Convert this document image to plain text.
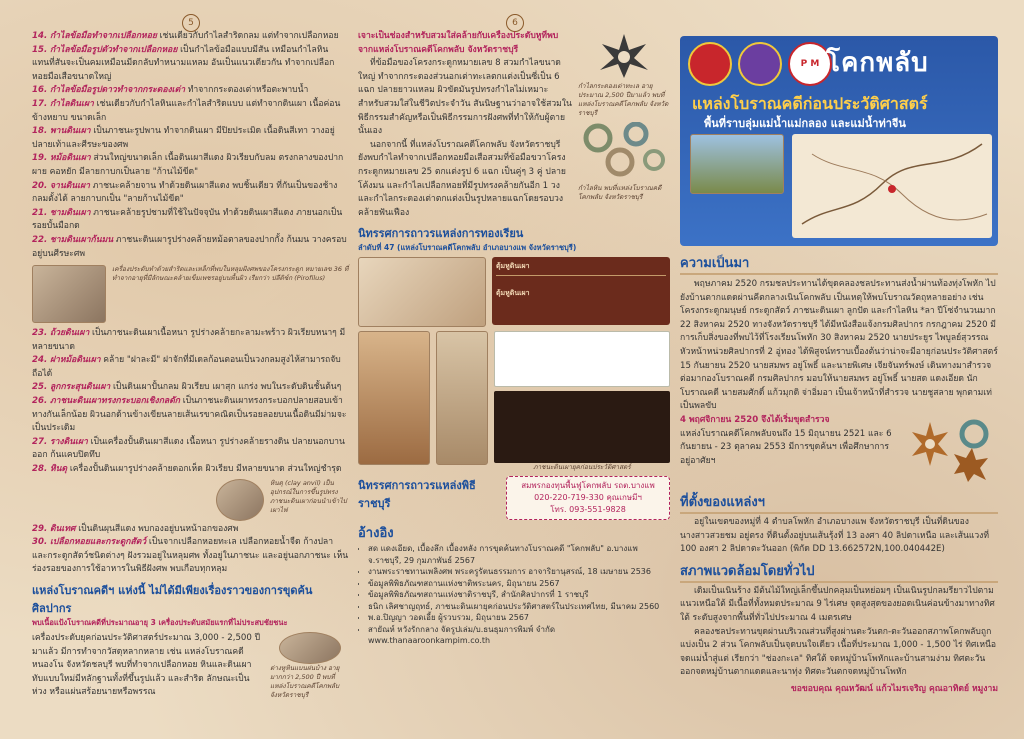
5

14. กำไลข้อมือทำจากเปลือกหอย เช่นเดียวกับกำไลสำริดกลม แต่ทำจากเปลือกหอย

15. กำไลข้อมือรูปตัวทำจากเปลือกหอย เป็นกำไลข้อมือแบบมีสัน เหมือนกำไลหิน แทนที่สันจะเป็นคมเหมือนมีดกลับทำหนามแหลม อันเป็นแนวเดียวกัน ทำจากเปลือกหอยมือเสือขนาดใหญ่

16. กำไลข้อมือรูปดาวทำจากกระดองเต่า ทำจากกระดองเต่าหรือตะพาบน้ำ

17. กำไลดินเผา เช่นเดียวกับกำไลหินและกำไลสำริดแบบ แต่ทำจากดินเผา เนื้อค่อนข้างหยาบ ขนาดเล็ก

18. พานดินเผา เป็นภาชนะรูปพาน ทำจากดินเผา มีปิยประเมิด เนื้อดินสีเทา วางอยู่ปลายเท้าและศีรษะของศพ

19. หม้อดินเผา ส่วนใหญ่ขนาดเล็ก เนื้อดินเผาสีแดง ผิวเรียบกับลม ตรงกลางของปากผาย คอหยัก มีลายกาบกเป็นลาย "ก้านไม้ขีด"

20. จานดินเผา ภาชนะคล้ายจาน ทำด้วยดินเผาสีแดง พบชิ้นเดียว ที่กันเป็นของช้างกลมตั้งได้ ลายกาบกเป็น "ลายก้านไม้ขีด"

21. ชามดินเผา ภาชนะคล้ายรูปชามที่ใช้ในปัจจุบัน ทำด้วยดินเผาสีแดง ภายนอกเป็นรอยบั้นมือกด

22. ชามดินเผาก้นมน ภาชนะดินเผารูปร่างคล้ายหม้อตาลของปากกั้ง ก้นมน วางครอบอยู่บนศีรษะศพ

เครื่องประดับทำด้วยสำริดและเหล็กที่พบในหลุมฝังศพของโครงกระดูก หมายเลข 36 ที่ทำจากอายุที่มีลักษณะคล้ายเข็มเพชรอยู่บนพื้นผิว เรียกว่า ปลีดิซ์ก (Pirofilus)

23. ถ้วยดินเผา เป็นภาชนะดินเผาเนื้อหนา รูปร่างคล้ายกะลามะพร้าว ผิวเรียบหนาๆ มีหลายขนาด

24. ฝาหม้อดินเผา คล้าย "ฝาละมี" ฝาจักที่มีเดลก้อนตอนเป็นวงกลมสูงไห้สามารถจับถือได้

25. ลูกกระสุนดินเผา เป็นดินเผาปั้นกลม ผิวเรียบ เผาสุก แกร่ง พบในระดับดินชั้นต้นๆ

26. ภาชนะดินเผาทรงกระบอกเชิงกลดัก เป็นภาชนะดินเผาทรงกระบอกปลายสอบเข้าทางกันเล็กน้อย ผิวนอกด้านข้างเขียนลายเส้นเรขาคณิตเป็นรอยลอยบนเนื้อดินมีม่ามจะเป็นประเดิม

27. รางดินเผา เป็นเครื่องปั้นดินเผาสีแดง เนื้อหนา รูปร่างคล้ายรางดิน ปลายนอกบานออก ก้นแคบปิดทึบ

28. หินดุ เครื่องปั้นดินเผารูปร่างคล้ายดอกเห็ด ผิวเรียบ มีหลายขนาด ส่วนใหญ่ชำรุด

หินดุ (clay anvil) เป็นอุปกรณ์ในการขึ้นรูปทรงภาชนะดินเผาก่อนนำเข้าไปเผาไฟ

29. ดินเทศ เป็นดินผุนสีแดง พบกองอยู่บนหน้าอกของศพ

30. เปลือกหอยและกระดูกสัตว์ เป็นจากเปลือกหอยทะเล เปลือกหอยน้ำจืด ก้างปลา และกระดูกสัตว์ชนิดต่างๆ ฝังรวมอยู่ในหลุมศพ ทั้งอยู่ในภาชนะ และอยู่นอกภาชนะ เห็นร่องรอยของการใช้อาหารในพิธีฝังศพ พบเกือบทุกหลุม

แหล่งโบราณคดีฯ แห่งนี้ ไม่ได้มีเพียงเรื่องราวของการขุดค้นศิลปากร
พบเนื้อแป้งโบราณคดีที่ประมาณอายุ 3 เครื่องประดับสมัยแรกที่ไม่ประสบชัยชนะ

เครื่องประดับยุคก่อนประวัติศาสตร์ประมาณ 3,000 - 2,500 ปีมาแล้ว มีการทำจากวัสดุหลากหลาย เช่น แหล่งโบราณคดีหนองโน จังหวัดชลบุรี พบที่ทำจากเปลือกหอย หินและดินเผา ทับแบบใหม่มีหลักฐานทั้งที่ขึ้นรูปแล้ว และสำริด ลักษณะเป็นห่วง หรือแผ่นสร้อยนายหรือพรรณ

ต่างหูหินแบนฝนบ้าง อายุมากกว่า 2,500 ปี พบที่แหล่งโบราณคดีโคกพลับ จังหวัดราชบุรี

6

เจาะเป็นช่องสำหรับสวมใส่คล้ายกับเครื่องประดับหูที่พบจากแหล่งโบราณคดีโคกพลับ จังหวัดราชบุรี

ที่ข้อมือของโครงกระดูกหมายเลข 8 สวมกำไลขนาดใหญ่ ทำจากกระดองส่วนอกเต่าทะเลตกแต่งเป็นซี่เป็น 6 แฉก ปลายยาวแหลม ผิวขัดมันรูปทรงกำไลไม่เหมาะสำหรับสวมใส่ในชีวิตประจำวัน สันนิษฐานว่าอาจใช้สวมในพิธีกรรมสำคัญหรือเป็นพิธีกรรมการฝังศพที่ทำให้กับผู้ตายนั้นเอง

นอกจากนี้ ที่แหล่งโบราณคดีโคกพลับ จังหวัดราชบุรี ยังพบกำไลทำจากเปลือกหอยมือเสือสวมที่ข้อมือขวาโครงกระดูกหมายเลข 25 ตกแต่งรูป 6 แฉก เป็นคู่ๆ 3 คู่ ปลายโค้งมน และกำไลเปลือกหอยที่มีรูปทรงคล้ายกันอีก 1 วง และกำไลกระดองเต่าตกแต่งเป็นรูปหลายแฉกโดยรอบวง คล้ายฟันเฟือง

กำไลกระดองเต่าทะเล อายุประมาณ 2,500 ปีมาแล้ว พบที่แหล่งโบราณคดีโคกพลับ จังหวัดราชบุรี

กำไลหิน พบที่แหล่งโบราณคดีโคกพลับ จังหวัดราชบุรี

นิทรรศการถาวรแหล่งการทองเรียน
ลำดับที่ 47 (แหล่งโบราณคดีโคกพลับ อำเภอบางแพ จังหวัดราชบุรี)
ตุ้มหูดินเผา
ตุ้มหูดินเผา

ภาชนะดินเผายุคก่อนประวัติศาสตร์

นิทรรศการถาวรแหล่งพิธีราชบุรี
สมพรกองทุนพื้นฟูโคกพลับ รถต.บางแพ
020-220-719-330 คุณเกษมีฯ
โทร. 093-551-9828
อ้างอิง
• สด แดงเอียด, เบื้องลึก เบื้องหลัง การขุดค้นทางโบราณคดี "โคกพลับ" อ.บางแพ จ.ราชบุรี, 29 กุมภาพันธ์ 2567
• งานพระราชทานเพลิงศพ พระครูรัตนธรรมการ อาจาริยานุสรณ์, 18 เมษายน 2536
• ข้อมูลพิพิธภัณฑสถานแห่งชาติพระนคร, มิถุนายน 2567
• ข้อมูลพิพิธภัณฑสถานแห่งชาติราชบุรี, สำนักศิลปากรที่ 1 ราชบุรี
• ธนิก เลิศชาญฤทธ์, ภาชนะดินเผายุคก่อนประวัติศาสตร์ในประเทศไทย, มีนาคม 2560
• พ.อ.ปิญญา วอดเอี้ย ผู้รวบรวม, มิถุนายน 2567
• สายัณห์ หวังรักกลาง จัดรูปเล่ม/บ.ธนธุมการพิมพ์ จำกัด www.thanaaroonkampim.co.th
P M โคกพลับ
แหล่งโบราณคดีก่อนประวัติศาสตร์
พื้นที่ราบลุ่มแม่น้ำแม่กลอง และแม่น้ำท่าจีน
ความเป็นมา

พฤษภาคม 2520 กรมชลประทานได้ขุดคลองชลประทานส่งน้ำผ่านท้องทุ่งโพหัก ไปยังบ้านตากแดดผ่านคีตกลางเนินโคกพลับ เป็นเหตุให้พบโบราณวัตถุหลายอย่าง เช่น โครงกระดูกมนุษย์ กระดูกสัตว์ ภาชนะดินเผา ลูกปัด และกำไลหิน *ลา ปีโซ่จำนวนมาก 22 สิงหาคม 2520 ทางจังหวัดราชบุรี ได้มีหนังสือแจ้งกรมศิลปากร กรกฎาคม 2520 มีการเก็บสิ่งของที่พบไว้ที่โรงเรียนโพหัก 30 สิงหาคม 2520 นายประยูร ไพบูลย์สุวรรณ หัวหน้าหน่วยศิลปากรที่ 2 อู่ทอง ได้พิสูจน์ทราบเบื้องต้นว่าน่าจะมีอายุก่อนประวัติศาสตร์ 15 กันยายน 2520 นายสมพร อยู่โพธิ์ และนายพิเศษ เจียจันทร์พงษ์ เดินทางมาสำรวจ ต่อมากองโบราณคดี กรมศิลปากร มอบให้นายสมพร อยู่โพธิ์ นายสด แดงเอียด นักโบราณคดี นายสมศักดิ์ แก้วมุกดิ จ่าอิ่มอา เป็นเจ้าหน้าที่สำรวจ นายชูสลาย พุกตามเท่ เป็นพลขับ

4 พฤศจิกายน 2520 จึงได้เริ่มขุดสำรวจ

แหล่งโบราณคดีโคกพลับจนถึง 15 มิถุนายน 2521 และ 6 กันยายน - 23 ตุลาคม 2553 มีการขุดค้นฯ เพื่อศึกษาการอยู่อาศัยฯ

ที่ตั้งของแหล่งฯ

อยู่ในเขตของหมู่ที่ 4 ตำบลโพหัก อำเภอบางแพ จังหวัดราชบุรี เป็นที่ดินของนางสาวสวยชม อยู่ตรง ที่ดินตั้งอยู่บนเส้นรุ้งที่ 13 องศา 40 ลิปดาเหนือ และเส้นแวงที่ 100 องศา 2 ลิปดาตะวันออก (พิกัด DD 13.662572N,100.040442E)

สภาพแวดล้อมโดยทั่วไป

เดิมเป็นเนินร้าง มีต้นไม้ใหญ่เล็กขึ้นปกคลุมเป็นหย่อมๆ เป็นเนินรูปกลมรียาวไปตามแนวเหนือใต้ มีเนื้อที่ทั้งหมดประมาณ 9 ไร่เศษ จุดสูงสุดของยอดเนินค่อนข้างมาทางทิศใต้ ระดับสูงจากพื้นที่ทั่วไปประมาณ 4 เมตรเศษ

คลองชลประทานขุดผ่านบริเวณส่วนที่สูงผ่านตะวันตก-ตะวันออกสภาพโคกพลับถูกแบ่งเป็น 2 ส่วน โคกพลับเป็นจุดบนใจเดียว เนื้อที่ประมาณ 1,000 - 1,500 ไร่ ทิศเหนือจดแม่น้ำสู่แต่ เรียกว่า "ช่องกะเล" ทิศใต้ จดหมู่บ้านโพหักและบ้านสามง่าม ทิศตะวันออกจดหมู่บ้านตากแดดและนาทุ่ง ทิศตะวันตกจดหมู่บ้านโพหัก

ขอขอบคุณ คุณหวัฒน์ แก้วไมรเจริญ คุณอาทิตย์ หมูงาม
